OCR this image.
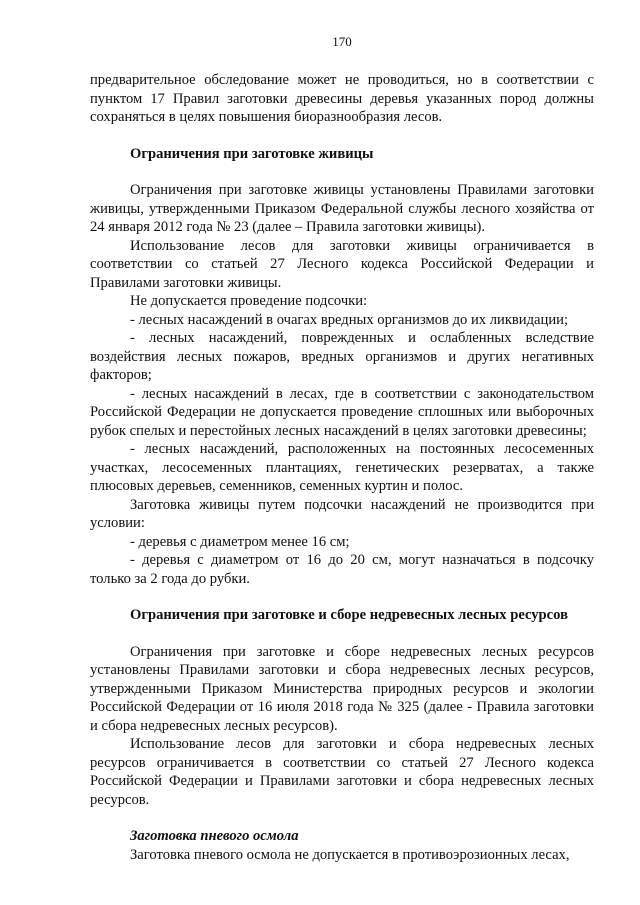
170

предварительное обследование может не проводиться, но в соответствии с пунктом 17 Правил заготовки древесины деревья указанных пород должны сохраняться в целях повышения биоразнообразия лесов.

Ограничения при заготовке живицы

Ограничения при заготовке живицы установлены Правилами заготовки живицы, утвержденными Приказом Федеральной службы лесного хозяйства от 24 января 2012 года № 23 (далее – Правила заготовки живицы).

Использование лесов для заготовки живицы ограничивается в соответствии со статьей 27 Лесного кодекса Российской Федерации и Правилами заготовки живицы.

Не допускается проведение подсочки:

- лесных насаждений в очагах вредных организмов до их ликвидации;

- лесных насаждений, поврежденных и ослабленных вследствие воздействия лесных пожаров, вредных организмов и других негативных факторов;

- лесных насаждений в лесах, где в соответствии с законодательством Российской Федерации не допускается проведение сплошных или выборочных рубок спелых и перестойных лесных насаждений в целях заготовки древесины;

- лесных насаждений, расположенных на постоянных лесосеменных участках, лесосеменных плантациях, генетических резерватах, а также плюсовых деревьев, семенников, семенных куртин и полос.

Заготовка живицы путем подсочки насаждений не производится при условии:

- деревья с диаметром менее 16 см;

- деревья с диаметром от 16 до 20 см, могут назначаться в подсочку только за 2 года до рубки.

Ограничения при заготовке и сборе недревесных лесных ресурсов

Ограничения при заготовке и сборе недревесных лесных ресурсов установлены Правилами заготовки и сбора недревесных лесных ресурсов, утвержденными Приказом Министерства природных ресурсов и экологии Российской Федерации от 16 июля 2018 года № 325 (далее - Правила заготовки и сбора недревесных лесных ресурсов).

Использование лесов для заготовки и сбора недревесных лесных ресурсов ограничивается в соответствии со статьей 27 Лесного кодекса Российской Федерации и Правилами заготовки и сбора недревесных лесных ресурсов.

Заготовка пневого осмола

Заготовка пневого осмола не допускается в противоэрозионных лесах,
